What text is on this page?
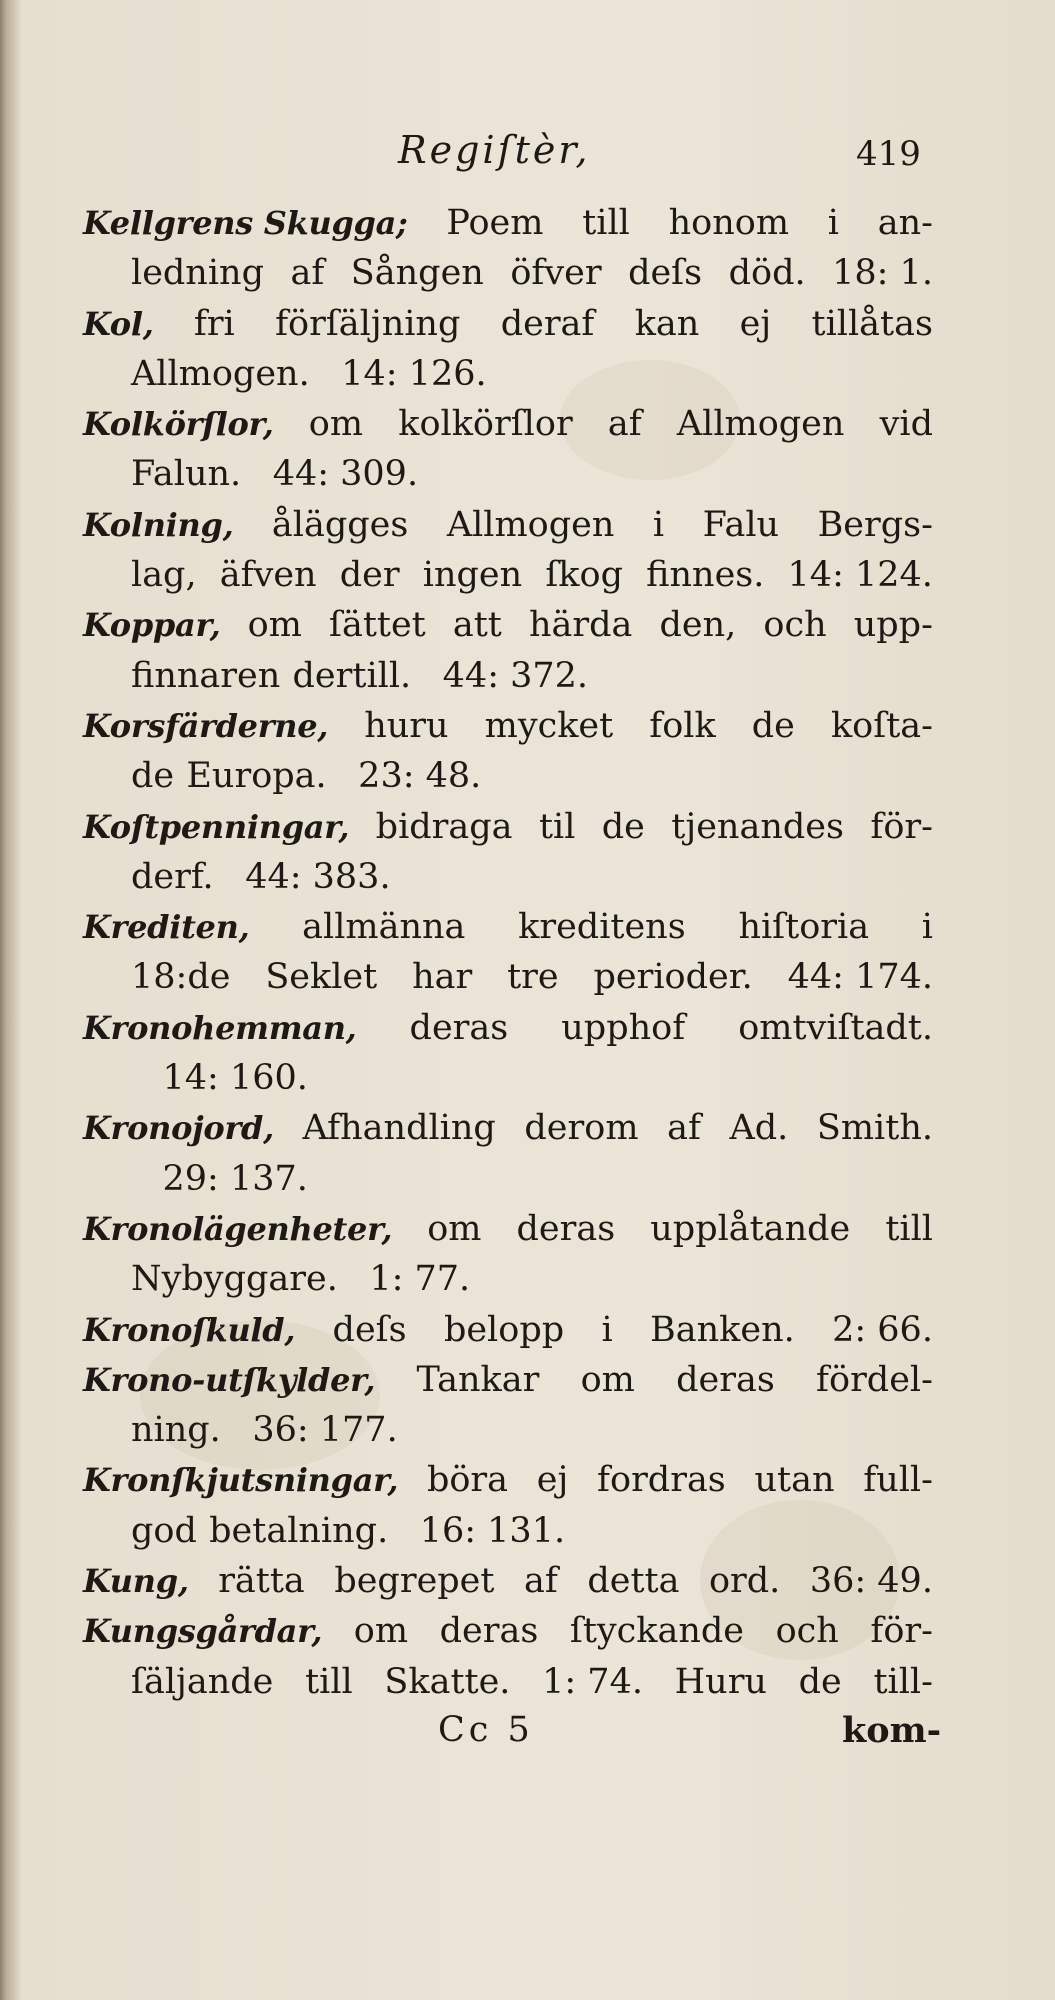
Regiſtèr,	419
Kellgrens Skugga; Poem till honom i an-
ledning af Sången öfver deſs död. 18: 1.
Kol, fri förſäljning deraf kan ej tillåtas
Allmogen. 14: 126.
Kolkörſlor, om kolkörſlor af Allmogen vid
Falun. 44: 309.
Kolning, ålägges Allmogen i Falu Bergs-
lag, äfven der ingen ſkog finnes. 14: 124.
Koppar, om ſättet att härda den, och upp-
finnaren dertill. 44: 372.
Korsfärderne, huru mycket folk de koſta-
de Europa. 23: 48.
Koſtpenningar, bidraga til de tjenandes för-
derf. 44: 383.
Krediten, allmänna kreditens hiſtoria i
18:de Seklet har tre perioder. 44: 174.
Kronohemman, deras upphof omtviſtadt.
14: 160.
Kronojord, Afhandling derom af Ad. Smith.
29: 137.
Kronolägenheter, om deras upplåtande till
Nybyggare. 1: 77.
Kronoſkuld, deſs belopp i Banken. 2: 66.
Krono-utſkylder, Tankar om deras fördel-
ning. 36: 177.
Kronſkjutsningar, böra ej fordras utan full-
god betalning. 16: 131.
Kung, rätta begrepet af detta ord. 36: 49.
Kungsgårdar, om deras ſtyckande och för-
ſäljande till Skatte. 1: 74. Huru de till-
Cc 5	kom-
